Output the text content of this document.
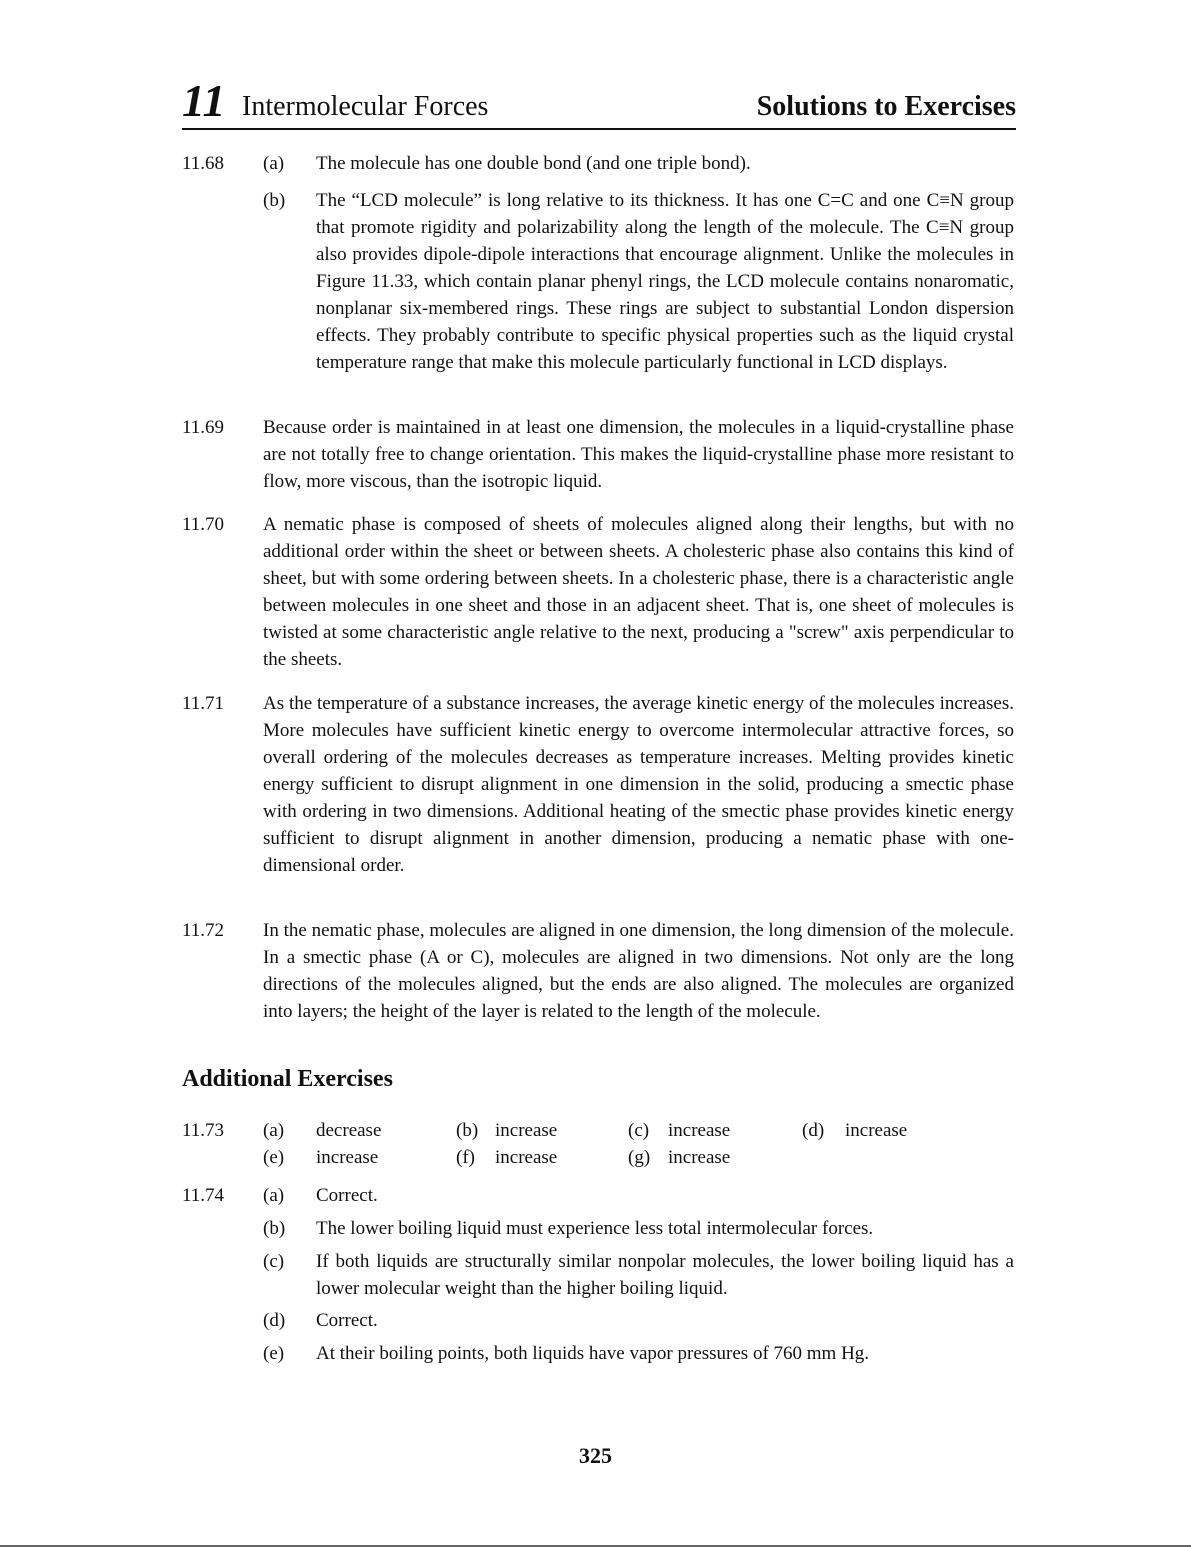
11 Intermolecular Forces	Solutions to Exercises
11.68 (a) The molecule has one double bond (and one triple bond).
(b) The “LCD molecule” is long relative to its thickness. It has one C=C and one C≡N group that promote rigidity and polarizability along the length of the molecule. The C≡N group also provides dipole-dipole interactions that encourage alignment. Unlike the molecules in Figure 11.33, which contain planar phenyl rings, the LCD molecule contains nonaromatic, nonplanar six-membered rings. These rings are subject to substantial London dispersion effects. They probably contribute to specific physical properties such as the liquid crystal temperature range that make this molecule particularly functional in LCD displays.
11.69 Because order is maintained in at least one dimension, the molecules in a liquid-crystalline phase are not totally free to change orientation. This makes the liquid-crystalline phase more resistant to flow, more viscous, than the isotropic liquid.
11.70 A nematic phase is composed of sheets of molecules aligned along their lengths, but with no additional order within the sheet or between sheets. A cholesteric phase also contains this kind of sheet, but with some ordering between sheets. In a cholesteric phase, there is a characteristic angle between molecules in one sheet and those in an adjacent sheet. That is, one sheet of molecules is twisted at some characteristic angle relative to the next, producing a "screw" axis perpendicular to the sheets.
11.71 As the temperature of a substance increases, the average kinetic energy of the molecules increases. More molecules have sufficient kinetic energy to overcome intermolecular attractive forces, so overall ordering of the molecules decreases as temperature increases. Melting provides kinetic energy sufficient to disrupt alignment in one dimension in the solid, producing a smectic phase with ordering in two dimensions. Additional heating of the smectic phase provides kinetic energy sufficient to disrupt alignment in another dimension, producing a nematic phase with one-dimensional order.
11.72 In the nematic phase, molecules are aligned in one dimension, the long dimension of the molecule. In a smectic phase (A or C), molecules are aligned in two dimensions. Not only are the long directions of the molecules aligned, but the ends are also aligned. The molecules are organized into layers; the height of the layer is related to the length of the molecule.
Additional Exercises
11.73 (a) decrease	(b) increase	(c) increase	(d) increase
(e) increase	(f) increase	(g) increase
11.74 (a) Correct.
(b) The lower boiling liquid must experience less total intermolecular forces.
(c) If both liquids are structurally similar nonpolar molecules, the lower boiling liquid has a lower molecular weight than the higher boiling liquid.
(d) Correct.
(e) At their boiling points, both liquids have vapor pressures of 760 mm Hg.
325
